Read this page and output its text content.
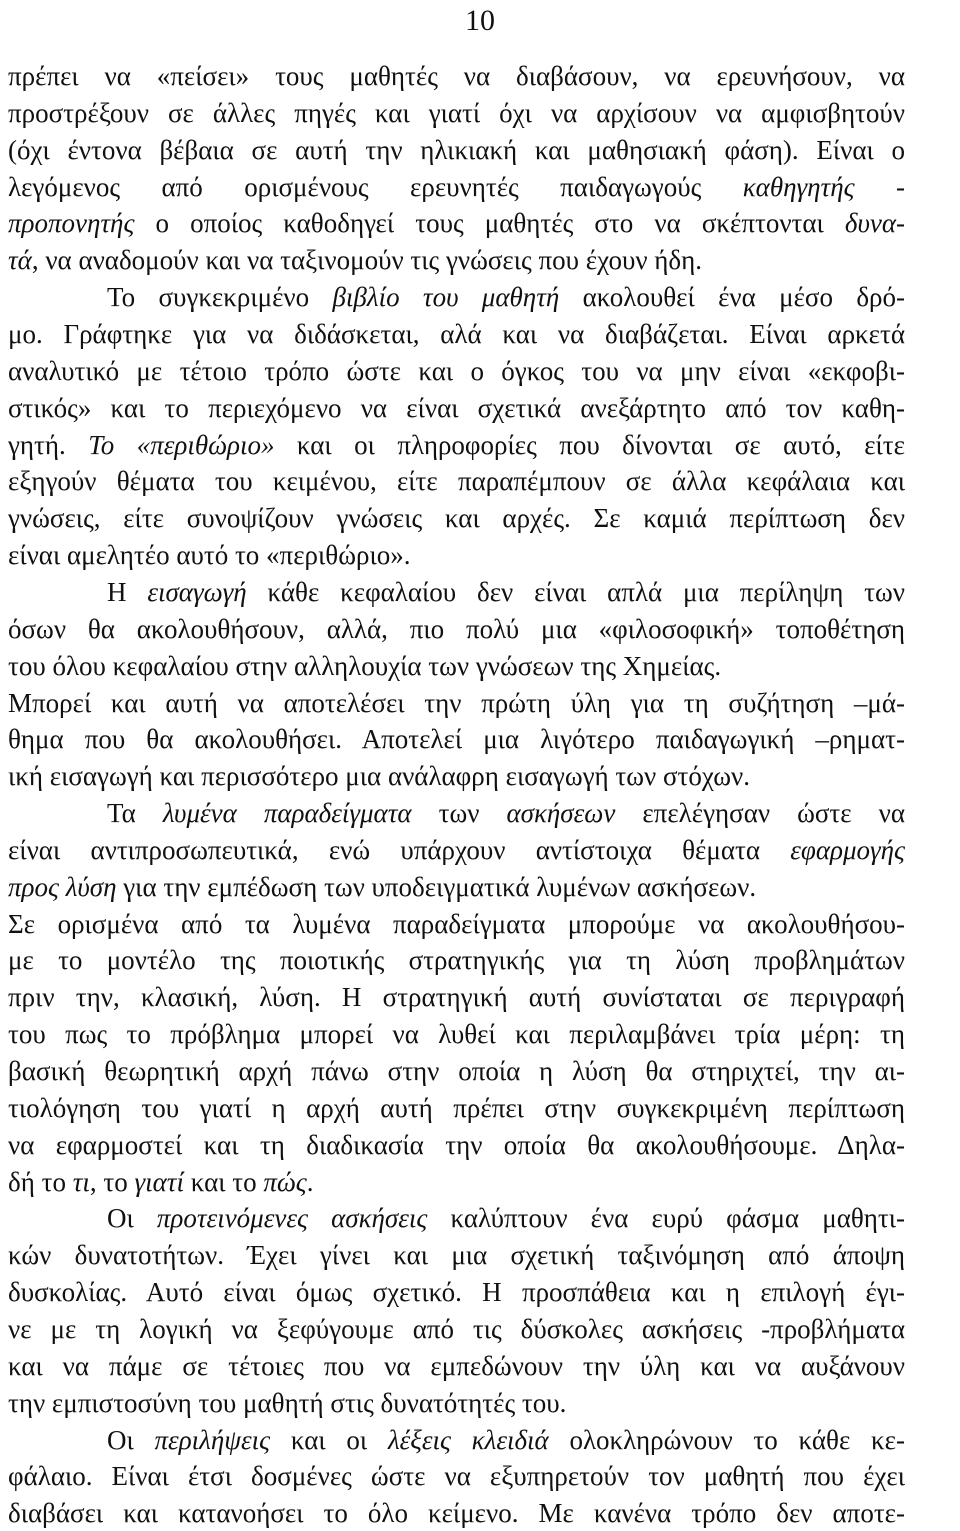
10
πρέπει να «πείσει» τους μαθητές να διαβάσουν, να ερευνήσουν, να
προστρέξουν σε άλλες πηγές και γιατί όχι να αρχίσουν να αμφισβητούν
(όχι έντονα βέβαια σε αυτή την ηλικιακή και μαθησιακή φάση). Είναι ο
λεγόμενος από ορισμένους ερευνητές παιδαγωγούς καθηγητής -
προπονητής ο οποίος καθοδηγεί τους μαθητές στο να σκέπτονται δυνα-
τά, να αναδομούν και να ταξινομούν τις γνώσεις που έχουν ήδη.
Το συγκεκριμένο βιβλίο του μαθητή ακολουθεί ένα μέσο δρό-
μο. Γράφτηκε για να διδάσκεται, αλά και να διαβάζεται. Είναι αρκετά
αναλυτικό με τέτοιο τρόπο ώστε και ο όγκος του να μην είναι «εκφοβι-
στικός» και το περιεχόμενο να είναι σχετικά ανεξάρτητο από τον καθη-
γητή. Το «περιθώριο» και οι πληροφορίες που δίνονται σε αυτό, είτε
εξηγούν θέματα του κειμένου, είτε παραπέμπουν σε άλλα κεφάλαια και
γνώσεις, είτε συνοψίζουν γνώσεις και αρχές. Σε καμιά περίπτωση δεν
είναι αμελητέο αυτό το «περιθώριο».
Η εισαγωγή κάθε κεφαλαίου δεν είναι απλά μια περίληψη των
όσων θα ακολουθήσουν, αλλά, πιο πολύ μια «φιλοσοφική» τοποθέτηση
του όλου κεφαλαίου στην αλληλουχία των γνώσεων της Χημείας.
Μπορεί και αυτή να αποτελέσει την πρώτη ύλη για τη συζήτηση –μά-
θημα που θα ακολουθήσει. Αποτελεί μια λιγότερο παιδαγωγική –ρηματ-
ική εισαγωγή και περισσότερο μια ανάλαφρη εισαγωγή των στόχων.
Τα λυμένα παραδείγματα των ασκήσεων επελέγησαν ώστε να
είναι αντιπροσωπευτικά, ενώ υπάρχουν αντίστοιχα θέματα εφαρμογής
προς λύση για την εμπέδωση των υποδειγματικά λυμένων ασκήσεων.
Σε ορισμένα από τα λυμένα παραδείγματα μπορούμε να ακολουθήσου-
με το μοντέλο της ποιοτικής στρατηγικής για τη λύση προβλημάτων
πριν την, κλασική, λύση. Η στρατηγική αυτή συνίσταται σε περιγραφή
του πως το πρόβλημα μπορεί να λυθεί και περιλαμβάνει τρία μέρη: τη
βασική θεωρητική αρχή πάνω στην οποία η λύση θα στηριχτεί, την αι-
τιολόγηση του γιατί η αρχή αυτή πρέπει στην συγκεκριμένη περίπτωση
να εφαρμοστεί και τη διαδικασία την οποία θα ακολουθήσουμε. Δηλα-
δή το τι, το γιατί και το πώς.
Οι προτεινόμενες ασκήσεις καλύπτουν ένα ευρύ φάσμα μαθητι-
κών δυνατοτήτων. Έχει γίνει και μια σχετική ταξινόμηση από άποψη
δυσκολίας. Αυτό είναι όμως σχετικό. Η προσπάθεια και η επιλογή έγι-
νε με τη λογική να ξεφύγουμε από τις δύσκολες ασκήσεις -προβλήματα
και να πάμε σε τέτοιες που να εμπεδώνουν την ύλη και να αυξάνουν
την εμπιστοσύνη του μαθητή στις δυνατότητές του.
Οι περιλήψεις και οι λέξεις κλειδιά ολοκληρώνουν το κάθε κε-
φάλαιο. Είναι έτσι δοσμένες ώστε να εξυπηρετούν τον μαθητή που έχει
διαβάσει και κατανοήσει το όλο κείμενο. Με κανένα τρόπο δεν αποτε-
